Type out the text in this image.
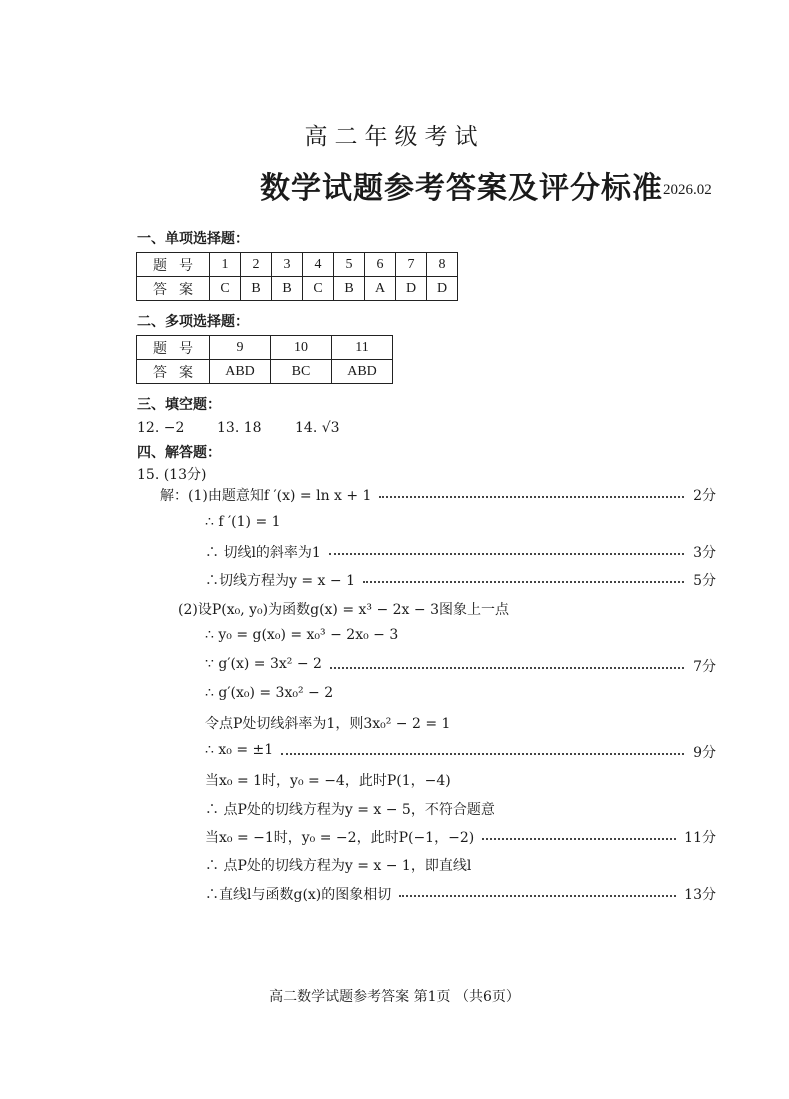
高二年级考试
数学试题参考答案及评分标准 2026.02
一、单项选择题：
题号	1	2	3	4	5	6	7	8
答案	C	B	B	C	B	A	D	D
二、多项选择题：
题号	9	10	11
答案	ABD	BC	ABD
三、填空题：
12. −2 13. 18 14. √3
四、解答题：
15. (13分)
解：(1)由题意知f ′(x) = ln x + 1	2分
∴ f ′(1) = 1
∴ 切线l的斜率为1	3分
∴切线方程为y = x − 1	5分
(2)设P(x₀, y₀)为函数g(x) = x³ − 2x − 3图象上一点
∴ y₀ = g(x₀) = x₀³ − 2x₀ − 3
∵ g′(x) = 3x² − 2	7分
∴ g′(x₀) = 3x₀² − 2
令点P处切线斜率为1，则3x₀² − 2 = 1
∴ x₀ = ±1	9分
当x₀ = 1时，y₀ = −4，此时P(1，−4)
∴ 点P处的切线方程为y = x − 5，不符合题意
当x₀ = −1时，y₀ = −2，此时P(−1，−2)	11分
∴ 点P处的切线方程为y = x − 1，即直线l
∴直线l与函数g(x)的图象相切	13分
高二数学试题参考答案 第1页 （共6页）
